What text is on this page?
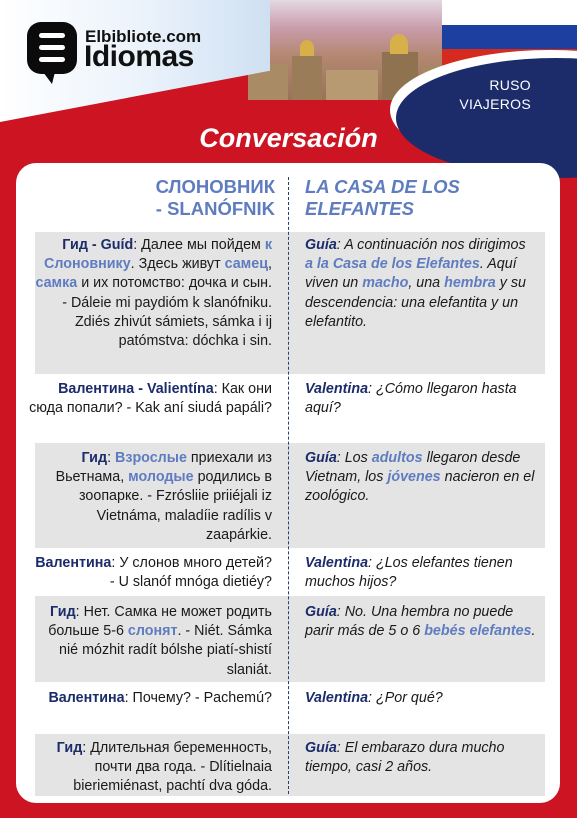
RUSO
VIAJEROS
Elbibliote.com
Idiomas
Conversación
СЛОНОВНИК
- SLANÓFNIK
LA CASA DE LOS
ELEFANTES
Гид - Guíd: Далее мы пойдем к Слоновнику. Здесь живут самец, самка и их потомство: дочка и сын. - Dáleie mi paydióm k slanófniku. Zdiés zhivút sámiets, sámka i ij patómstva: dóchka i sin.
Guía: A continuación nos dirigimos a la Casa de los Elefantes. Aquí viven un macho, una hembra y su descendencia: una elefantita y un elefantito.
Валентина - Valientína: Как они сюда попали? - Kak aní siudá papáli?
Valentina: ¿Cómo llegaron hasta aquí?
Гид: Взрослые приехали из Вьетнама, молодые родились в зоопарке. - Fzrósliie priiéjali iz Vietnáma, maladíie radílis v zaapárkie.
Guía: Los adultos llegaron desde Vietnam, los jóvenes nacieron en el zoológico.
Валентина: У слонов много детей? - U slanóf mnóga dietiéy?
Valentina: ¿Los elefantes tienen muchos hijos?
Гид: Нет. Самка не может родить больше 5-6 слонят. - Niét. Sámka nié mózhit radít bólshe piatí-shistí slaniát.
Guía: No. Una hembra no puede parir más de 5 o 6 bebés elefantes.
Валентина: Почему? - Pachemú? Valentina: ¿Por qué?
Гид: Длительная беременность, почти два года. - Dlítielnaia bieriemiénast, pachtí dva góda.
Guía: El embarazo dura mucho tiempo, casi 2 años.
